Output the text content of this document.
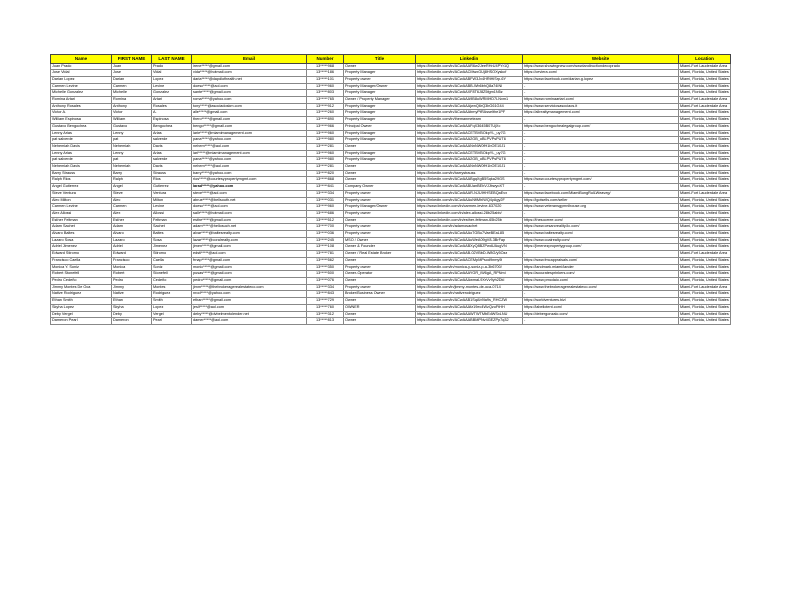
Name	FIRST NAME	LAST NAME	Email	Number	Title	Linkedin	Website	Location
Juan Prado	Juan	Prado	irene*****@gmail.com	13*****968	Owner	https://linkedin.com/in/ACwAAAR6w2JeeRHrU4PYr1Q	https://www.showingnew.com/wwwlandiructiondecoprado	Miami-Fort Lauderdale Area
Jose Vidal	Jose	Vidal	vida*****@hotmail.com	13*****186	Property Manager	https://linkedin.com/in/ACwAACMwxGUj8HSOXyskcf	https://ceviera.com/	Miami, Florida, United States
Darian Lopez	Darian	Lopez	daria*****@dapdlofhealth.net	13*****101	Property owner	https://linkedin.com/in/ACwAABFW3Jv4HRtHiSrp-6Y	https://www.facebook.com/darian.g.lopez	Miami, Florida, United States
Carmen Levine	Carmen	Levine	doesc*****@aol.com	13*****960	Property Manager/Owner	https://linkedin.com/in/ACwAABB-Wb6bhQ8a74INI	-	Miami, Florida, United States
Michelle Gonzalez	Michelle	Gonzalez	sante*****@gmail.com	13*****803	Property Manager	https://linkedin.com/in/ACwAAXF8T6J8Z5fgm1N5z	-	Miami, Florida, United States
Romina Artari	Romina	Artari	roma*****@yahoo.com	13*****765	Owner / Property Manager	https://linkedin.com/in/ACwAAA9B8uWRMHD7LNxm1	https://www.rominaartari.com/	Miami-Fort Lauderdale Area
Anthony Rosales	Anthony	Rosales	tony*****@asociadoskm.com	13*****912	Property Manager	https://linkedin.com/in/ACwAAAjwnQ6rQ3bG61G44	https://www.serviciosasociaos.it	Miami-Fort Lauderdale Area
Victor A.	Victor	A.	alle*****@gmail.com	13*****260	Property Manager	https://linkedin.com/in/ACwAAAbmyPtRAsselthe1PF	https://allrealtymanagement.com/	Miami, Florida, United States
William Espinosa	William	Espinosa	thero*****@gmail.com	13*****890	Property Manager	https://linkedin.com/in/themanmeteam	-	Miami, Florida, United States
Gustavo Bengochea	Gustavo	Bengochea	bengo*****@gmail.com	13*****966	Principal Owner	https://linkedin.com/in/ACwAAAFqX3645B07UjXc	https://www.bengochealegalgroup.com/	Miami, Florida, United States
Lenny Arias	Lenny	Arias	larie*****@miamimanagement.com	13*****960	Property Manager	https://linkedin.com/in/ACwAACETBVBOkpYL_uy7G	-	Miami, Florida, United States
pat salverde	pat	salverde	pana*****@yahoo.com	13*****980	Property Manager	https://linkedin.com/in/ACwAAA2GB_oBLPVPsPUT6	-	Miami, Florida, United States
Nehemiah Davis	Nehemiah	Davis	nehem*****@aol.com	13*****281	Owner	https://linkedin.com/in/ACwAAANnNW0fH1bOE10J1	-	Miami, Florida, United States
Lenny Arias	Lenny	Arias	lari*****@miamimanagement.com	13*****960	Property Manager	https://linkedin.com/in/ACwAACETBVBOkpYL_uy7G	-	Miami, Florida, United States
pat salverde	pat	salverde	pana*****@yahoo.com	13*****980	Property Manager	https://linkedin.com/in/ACwAAA2GB_oBLPVPsPUT6	-	Miami, Florida, United States
Nehemiah Davis	Nehemiah	Davis	nehem*****@aol.com	13*****281	Owner	https://linkedin.com/in/ACwAAANnNW0fH1bOE10J1	-	Miami, Florida, United States
Barry Strauss	Barry	Strauss	barry*****@yahoo.com	13*****820	Owner	https://linkedin.com/in/barrystrauss	-	Miami, Florida, United States
Ralph Rios	Ralph	Rios	rios*****@courtesypropertymgmt.com	13*****868	Owner	https://linkedin.com/in/ACwAAABgqXgB5Sqka29GS	https://www.courtesypropertymgmt.com/	Miami, Florida, United States
Angel Gutierrez	Angel	Gutierrez	larad*****@yahoo.com	13*****841	Company Owner	https://linkedin.com/in/ACwAABUanBEbVJJbwyoXT	-	Miami, Florida, United States
Steve Ventura	Steve	Ventura	steve*****@aol.com	13*****334	Property owner	https://linkedin.com/in/ACwAAAR-NJUIHHSEBQaEvx	https://www.facebook.com/MiamiBungRulLWeaveg/	Miami-Fort Lauderdale Area
Alec Milton	Alec	Milton	abrue*****@bellsouth.net	13*****031	Property owner	https://linkedin.com/in/ACwAAAuNfiMhIWQ4yAgy2F	https://igotsells.com/seller	Miami, Florida, United States
Carmen Levine	Carmen	Levine	doesc*****@aol.com	13*****960	Property Manager/Owner	https://www.linkedin.com/in/carmen-levine-637020	https://www.veteransgymnlhouse.org	Miami, Florida, United States
Alex Allossi	Alex	Allossi	sallr*****@hotmail.com	13*****686	Property owner	https://www.linkedin.com/in/alex-allossi-28b25abb/	-	Miami, Florida, United States
Esther Feltman	Esther	Feltman	esthe*****@gmail.com	13*****512	Owner	https://www.linkedin.com/in/esther-feltman-65b25b	https://thesoorree.com/	Miami, Florida, United States
Adam Sachet	Adam	Sachet	adam*****@hellosuch.net	13*****700	Property owner	https://linkedin.com/in/adamosachet	https://www.cesarcreality.llc.com/	Miami, Florida, United States
Alvaro Baltes	Alvaro	Baltes	alvar*****@baltesrealty.com	13*****036	Property owner	https://linkedin.com/in/ACwAAAo7GBu7VaeBEaL85	https://www.baltesrealty.com/	Miami, Florida, United States
Lazaro Sosa	Lazaro	Sosa	lazar*****@coralrealty.com	13*****245	MSO / Owner	https://linkedin.com/in/ACwAAAuWeA09gV8-3BrFap	https://www.coalrealty.com/	Miami, Florida, United States
Adriel Jimenez	Adriel	Jimenez	jimen*****@gmail.com	13*****108	Owner & Founder	https://linkedin.com/in/ACwAABXyQ8BZPwdUAugVN	https://jimenezpropertygroup.com/	Miami, Florida, United States
Edward Stiromo	Edward	Stiromo	edsti*****@aol.com	13*****781	Owner / Real Estate Broker	https://linkedin.com/in/ACwAAB-02VBbD-W8G/y5Ozz	-	Miami-Fort Lauderdale Area
Francisco Caella	Francisco	Caella	frnap*****@gmail.com	13*****562	Owner	https://linkedin.com/in/ACwAACEMpMPsod9nmy9i	https://www.fmcappraisals.com/	Miami, Florida, United States
Monica Y. Soniz	Monica	Soniz	monic*****@gmail.com	13*****350	Property owner	https://linkedin.com/in/monica-y-soniz-p-a-3b6700/	https://landmark.miami/lander	Miami, Florida, United States
Robert Stonefell	Robert	Stonefell	pusas*****@gmail.com	13*****500	Owner-Operator	https://linkedin.com/in/ACwAAAYGR_iW6gA_RPNmi	https://accuratesprinkers.com/	Miami, Florida, United States
Pedro Cedeño	Pedro	Cedeño	pedro*****@gmail.com	13*****076	Owner	https://linkedin.com/in/ACwAAAwmaL9XrVv9yh2Dkl	https://www.pmcdaio.com/	Miami, Florida, United States
Jimmy Montes De Oca	Jimmy	Montes	jimm*****@thebrokeragerealestateco.com	13*****334	Property owner	https://linkedin.com/in/jimmy-montes-de-oca-0714	https://www.thebrokeragerealestateco.com/	Miami-Fort Lauderdale Area
Native Rodriguez	Native	Rodriguez	nrod*****@yahoo.com	13*****843	Broker/Business Owner	https://linkedin.com/in/nativerodriguez	-	Miami, Florida, United States
Ethan Smith	Ethan	Smith	ethan*****@gmail.com	13*****729	Owner	https://linkedin.com/in/ACwAAB1SqAb9Ia9s_RHCZW	https://worldventures.biz/	Miami, Florida, United States
Skyha Lopez	Skyha	Lopez	jesli*****@aol.com	13*****760	OWNER	https://linkedin.com/in/ACwAAAfz19ec4WzQzuFtHH	https://labellotent.com/	Miami, Florida, United States
Deby Vergel	Deby	Vergel	deby*****@dvbelmentolender.net	13*****312	Owner	https://linkedin.com/in/ACwAAAWTWTMbEdWSxLNU	https://debergonzalo.com/	Miami, Florida, United States
Dameron Pearl	Dameron	Pearl	damer*****@aol.com	13*****813	Owner	https://linkedin.com/in/ACwAAABBMPNv4GEZPp7q32	-	Miami, Florida, United States
